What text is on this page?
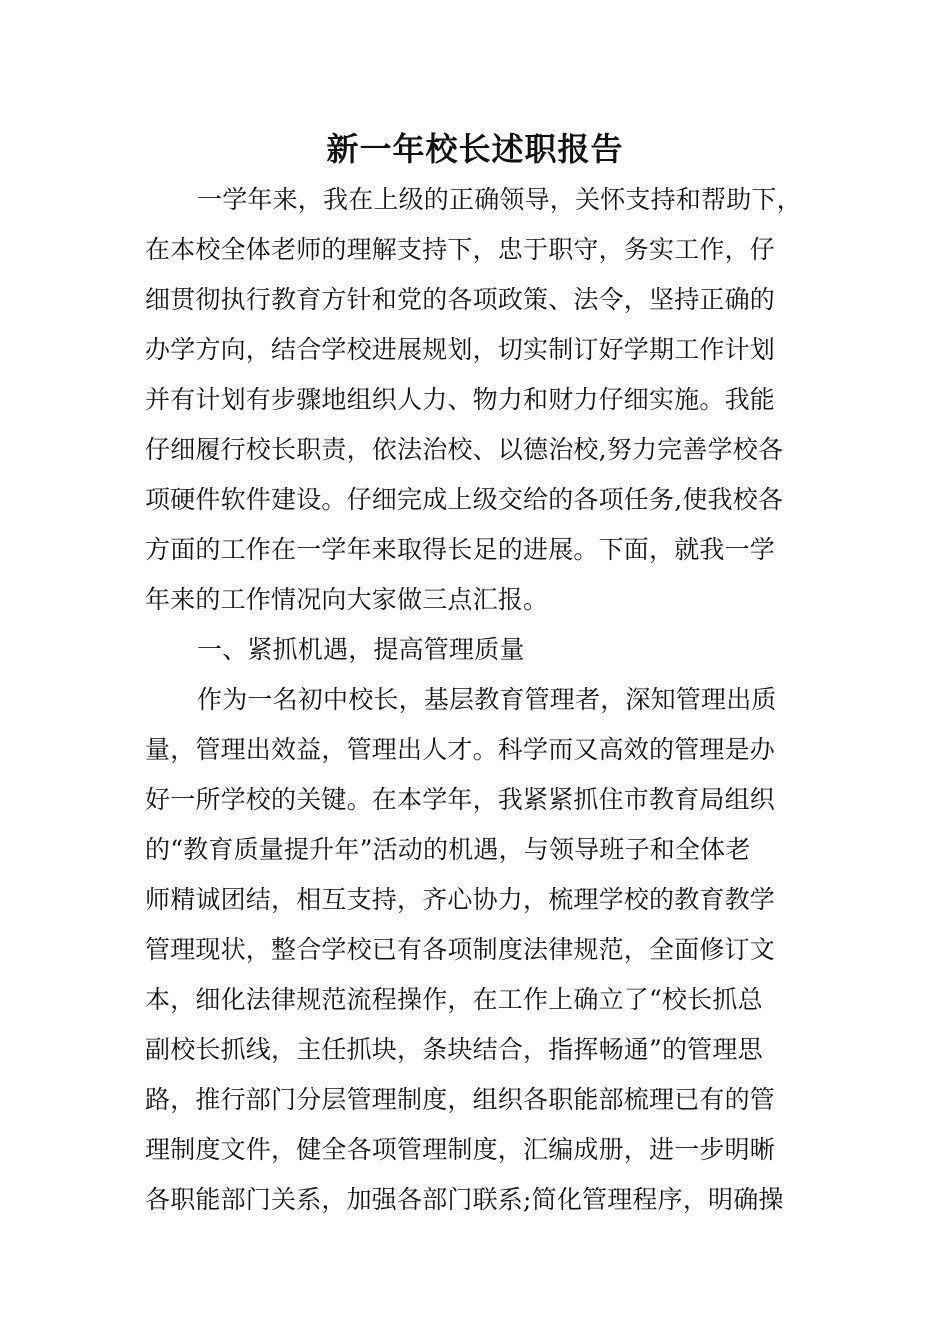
新一年校长述职报告
一学年来，我在上级的正确领导，关怀支持和帮助下，
在本校全体老师的理解支持下，忠于职守，务实工作，仔
细贯彻执行教育方针和党的各项政策、法令，坚持正确的
办学方向，结合学校进展规划，切实制订好学期工作计划
并有计划有步骤地组织人力、物力和财力仔细实施。我能
仔细履行校长职责，依法治校、以德治校,努力完善学校各
项硬件软件建设。仔细完成上级交给的各项任务,使我校各
方面的工作在一学年来取得长足的进展。下面，就我一学
年来的工作情况向大家做三点汇报。
一、紧抓机遇，提高管理质量
作为一名初中校长，基层教育管理者，深知管理出质
量，管理出效益，管理出人才。科学而又高效的管理是办
好一所学校的关键。在本学年，我紧紧抓住市教育局组织
的“教育质量提升年”活动的机遇，与领导班子和全体老
师精诚团结，相互支持，齐心协力，梳理学校的教育教学
管理现状，整合学校已有各项制度法律规范，全面修订文
本，细化法律规范流程操作，在工作上确立了“校长抓总
副校长抓线，主任抓块，条块结合，指挥畅通”的管理思
路，推行部门分层管理制度，组织各职能部梳理已有的管
理制度文件，健全各项管理制度，汇编成册，进一步明晰
各职能部门关系，加强各部门联系;简化管理程序，明确操
